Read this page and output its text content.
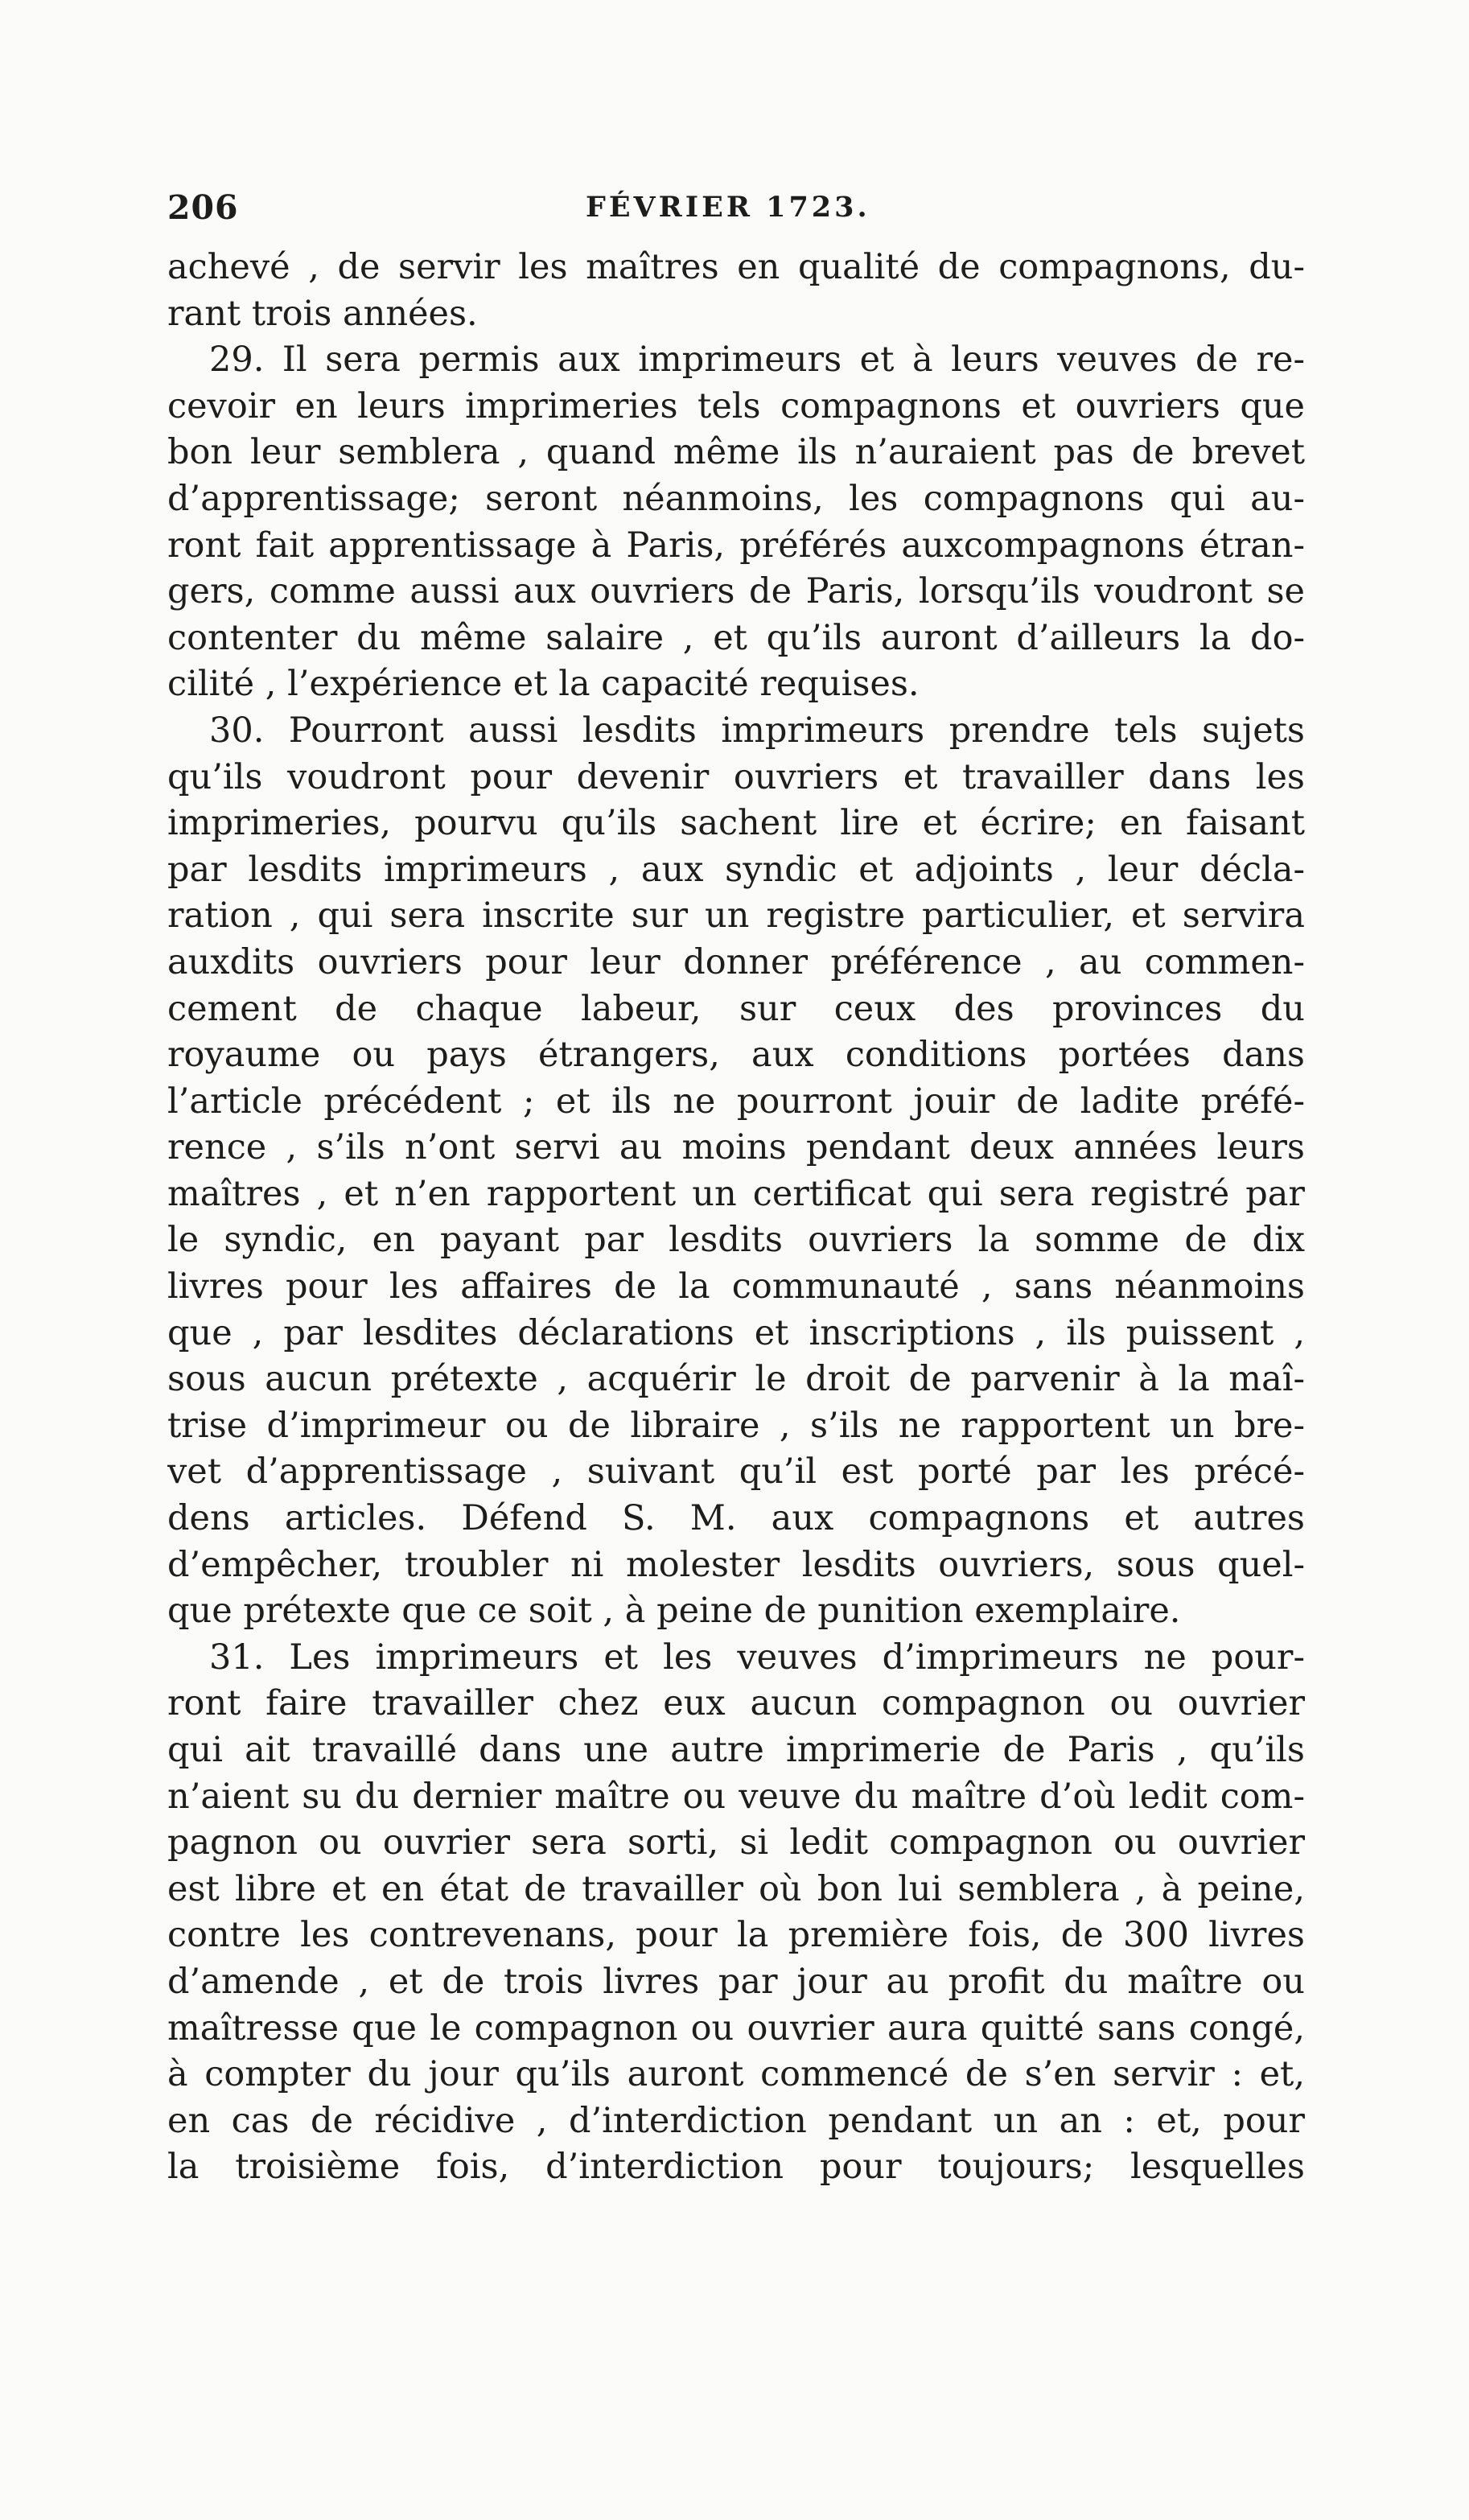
206	FÉVRIER 1723.
achevé , de servir les maîtres en qualité de compagnons, du-
rant trois années.
29. Il sera permis aux imprimeurs et à leurs veuves de re-
cevoir en leurs imprimeries tels compagnons et ouvriers que
bon leur semblera , quand même ils n’auraient pas de brevet
d’apprentissage; seront néanmoins, les compagnons qui au-
ront fait apprentissage à Paris, préférés auxcompagnons étran-
gers, comme aussi aux ouvriers de Paris, lorsqu’ils voudront se
contenter du même salaire , et qu’ils auront d’ailleurs la do-
cilité , l’expérience et la capacité requises.
30. Pourront aussi lesdits imprimeurs prendre tels sujets
qu’ils voudront pour devenir ouvriers et travailler dans les
imprimeries, pourvu qu’ils sachent lire et écrire; en faisant
par lesdits imprimeurs , aux syndic et adjoints , leur décla-
ration , qui sera inscrite sur un registre particulier, et servira
auxdits ouvriers pour leur donner préférence , au commen-
cement de chaque labeur, sur ceux des provinces du
royaume ou pays étrangers, aux conditions portées dans
l’article précédent ; et ils ne pourront jouir de ladite préfé-
rence , s’ils n’ont servi au moins pendant deux années leurs
maîtres , et n’en rapportent un certificat qui sera registré par
le syndic, en payant par lesdits ouvriers la somme de dix
livres pour les affaires de la communauté , sans néanmoins
que , par lesdites déclarations et inscriptions , ils puissent ,
sous aucun prétexte , acquérir le droit de parvenir à la maî-
trise d’imprimeur ou de libraire , s’ils ne rapportent un bre-
vet d’apprentissage , suivant qu’il est porté par les précé-
dens articles. Défend S. M. aux compagnons et autres
d’empêcher, troubler ni molester lesdits ouvriers, sous quel-
que prétexte que ce soit , à peine de punition exemplaire.
31. Les imprimeurs et les veuves d’imprimeurs ne pour-
ront faire travailler chez eux aucun compagnon ou ouvrier
qui ait travaillé dans une autre imprimerie de Paris , qu’ils
n’aient su du dernier maître ou veuve du maître d’où ledit com-
pagnon ou ouvrier sera sorti, si ledit compagnon ou ouvrier
est libre et en état de travailler où bon lui semblera , à peine,
contre les contrevenans, pour la première fois, de 300 livres
d’amende , et de trois livres par jour au profit du maître ou
maîtresse que le compagnon ou ouvrier aura quitté sans congé,
à compter du jour qu’ils auront commencé de s’en servir : et,
en cas de récidive , d’interdiction pendant un an : et, pour
la troisième fois, d’interdiction pour toujours; lesquelles
